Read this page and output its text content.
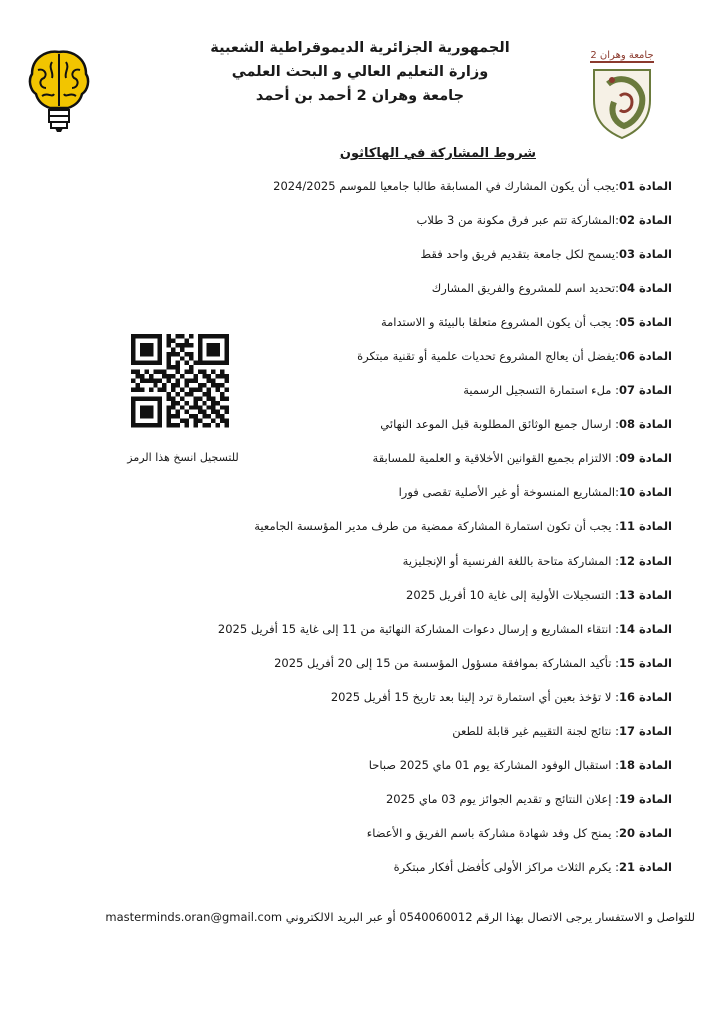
الجمهورية الجزائرية الديموقراطية الشعبية
وزارة التعليم العالي و البحث العلمي
جامعة وهران 2 أحمد بن أحمد
جامعة وهران 2
شروط المشاركة في الهاكاثون
المادة 01:يجب أن يكون المشارك في المسابقة طالبا جامعيا للموسم 2024/2025
المادة 02:المشاركة تتم عبر فرق مكونة من 3 طلاب
المادة 03:يسمح لكل جامعة بتقديم فريق واحد فقط
المادة 04:تحديد اسم للمشروع والفريق المشارك
المادة 05: يجب أن يكون المشروع متعلقا بالبيئة و الاستدامة
المادة 06:يفضل أن يعالج المشروع تحديات علمية أو تقنية مبتكرة
المادة 07: ملء استمارة التسجيل الرسمية
المادة 08: ارسال جميع الوثائق المطلوبة قبل الموعد النهائي
المادة 09: الالتزام بجميع القوانين الأخلاقية و العلمية للمسابقة
المادة 10:المشاريع المنسوخة أو غير الأصلية تقصى فورا
المادة 11: يجب أن تكون استمارة المشاركة ممضية من طرف مدير المؤسسة الجامعية
المادة 12: المشاركة متاحة باللغة الفرنسية أو الإنجليزية
المادة 13: التسجيلات الأولية إلى غاية 10 أفريل 2025
المادة 14: انتقاء المشاريع و إرسال دعوات المشاركة النهائية من 11 إلى غاية 15 أفريل 2025
المادة 15: تأكيد المشاركة بموافقة مسؤول المؤسسة من 15 إلى 20 أفريل 2025
المادة 16: لا تؤخذ بعين أي استمارة ترد إلينا بعد تاريخ 15 أفريل 2025
المادة 17: نتائج لجنة التقييم غير قابلة للطعن
المادة 18: استقبال الوفود المشاركة يوم 01 ماي 2025 صباحا
المادة 19: إعلان النتائج و تقديم الجوائز يوم 03 ماي 2025
المادة 20: يمنح كل وفد شهادة مشاركة باسم الفريق و الأعضاء
المادة 21: يكرم الثلاث مراكز الأولى كأفضل أفكار مبتكرة
للتسجيل انسخ هذا الرمز
للتواصل و الاستفسار يرجى الاتصال بهذا الرقم 0540060012 أو عبر البريد الالكتروني masterminds.oran@gmail.com
